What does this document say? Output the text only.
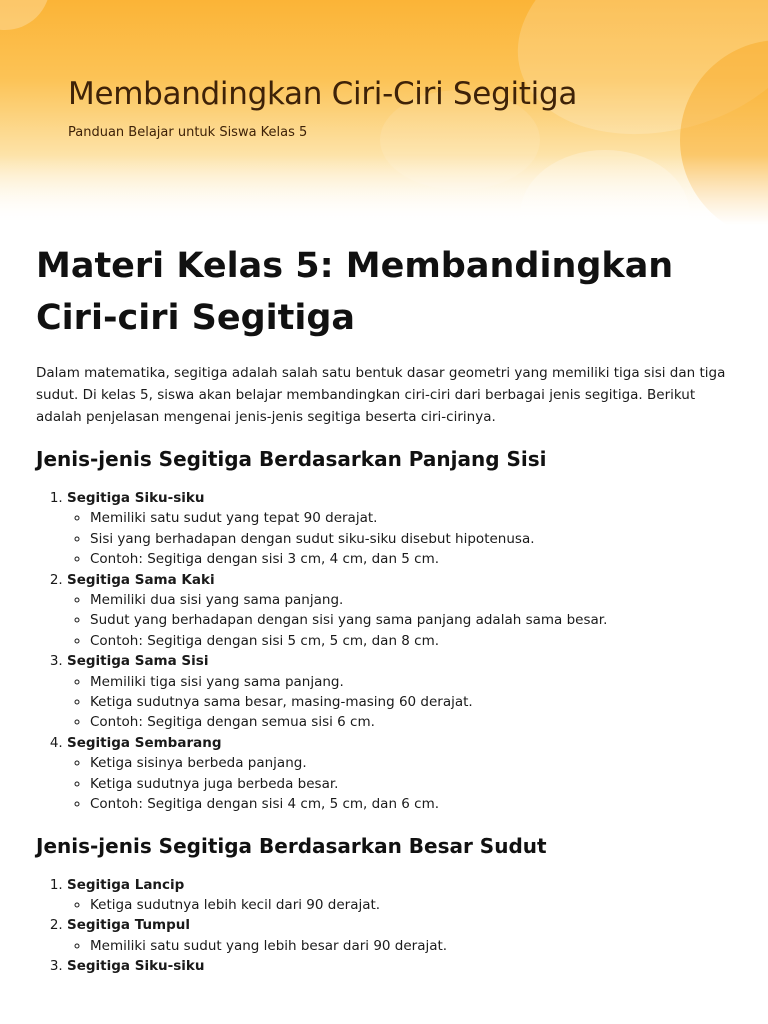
Membandingkan Ciri-Ciri Segitiga

Panduan Belajar untuk Siswa Kelas 5

Materi Kelas 5: Membandingkan Ciri-ciri Segitiga

Dalam matematika, segitiga adalah salah satu bentuk dasar geometri yang memiliki tiga sisi dan tiga sudut. Di kelas 5, siswa akan belajar membandingkan ciri-ciri dari berbagai jenis segitiga. Berikut adalah penjelasan mengenai jenis-jenis segitiga beserta ciri-cirinya.

Jenis-jenis Segitiga Berdasarkan Panjang Sisi
1. Segitiga Siku-siku
◦ Memiliki satu sudut yang tepat 90 derajat.
◦ Sisi yang berhadapan dengan sudut siku-siku disebut hipotenusa.
◦ Contoh: Segitiga dengan sisi 3 cm, 4 cm, dan 5 cm.
2. Segitiga Sama Kaki
◦ Memiliki dua sisi yang sama panjang.
◦ Sudut yang berhadapan dengan sisi yang sama panjang adalah sama besar.
◦ Contoh: Segitiga dengan sisi 5 cm, 5 cm, dan 8 cm.
3. Segitiga Sama Sisi
◦ Memiliki tiga sisi yang sama panjang.
◦ Ketiga sudutnya sama besar, masing-masing 60 derajat.
◦ Contoh: Segitiga dengan semua sisi 6 cm.
4. Segitiga Sembarang
◦ Ketiga sisinya berbeda panjang.
◦ Ketiga sudutnya juga berbeda besar.
◦ Contoh: Segitiga dengan sisi 4 cm, 5 cm, dan 6 cm.
Jenis-jenis Segitiga Berdasarkan Besar Sudut
1. Segitiga Lancip
◦ Ketiga sudutnya lebih kecil dari 90 derajat.
2. Segitiga Tumpul
◦ Memiliki satu sudut yang lebih besar dari 90 derajat.
3. Segitiga Siku-siku
